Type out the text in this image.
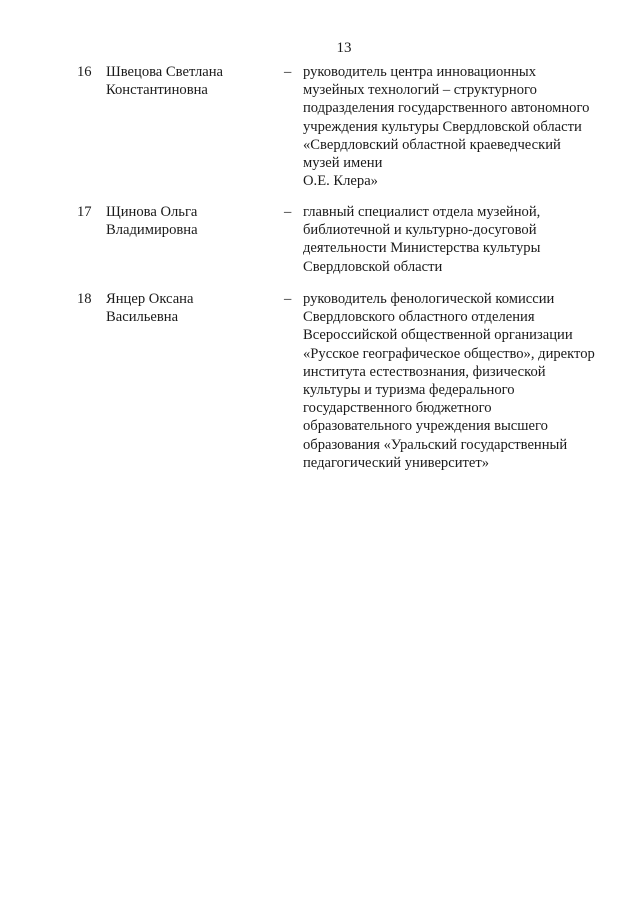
13
16 Швецова Светлана
Константиновна
– руководитель центра инновационных
музейных технологий – структурного
подразделения государственного автономного
учреждения культуры Свердловской области
«Свердловский областной краеведческий
музей имени
О.Е. Клера»
17 Щинова Ольга
Владимировна
– главный специалист отдела музейной,
библиотечной и культурно-досуговой
деятельности Министерства культуры
Свердловской области
18 Янцер Оксана
Васильевна
– руководитель фенологической комиссии
Свердловского областного отделения
Всероссийской общественной организации
«Русское географическое общество», директор
института естествознания, физической
культуры и туризма федерального
государственного бюджетного
образовательного учреждения высшего
образования «Уральский государственный
педагогический университет»
